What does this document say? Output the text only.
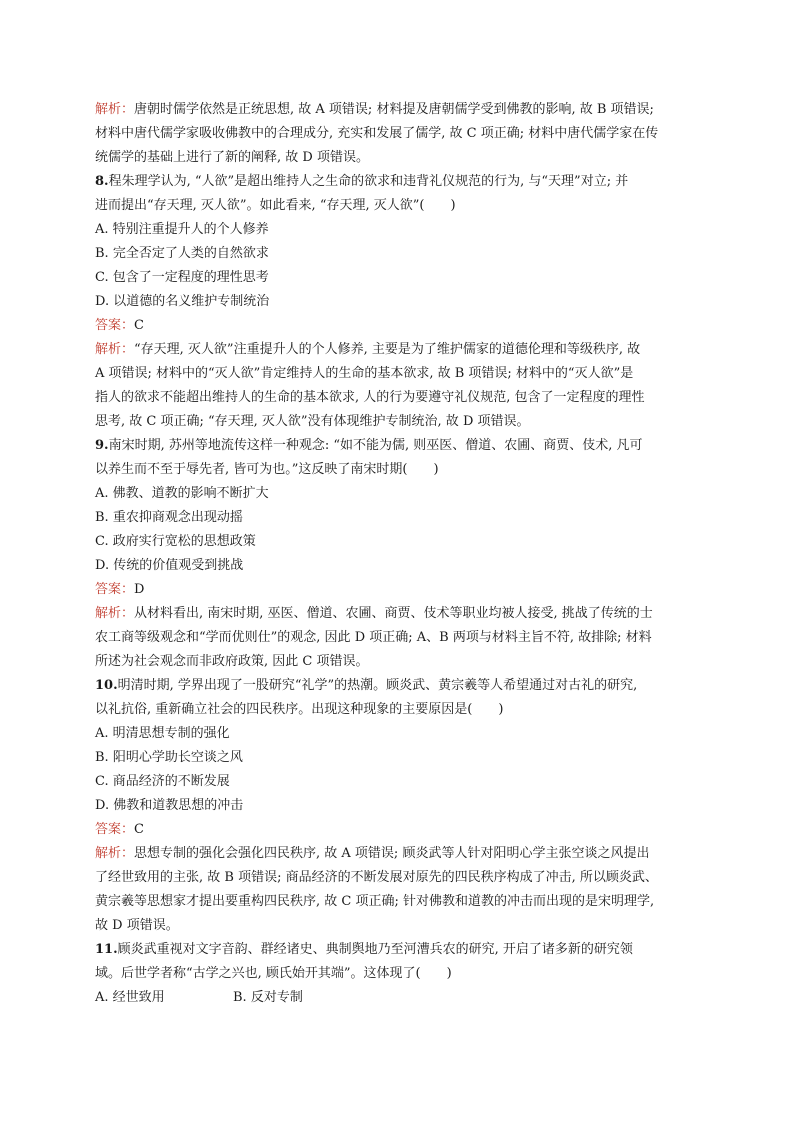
解析：唐朝时儒学依然是正统思想, 故 A 项错误; 材料提及唐朝儒学受到佛教的影响, 故 B 项错误;
材料中唐代儒学家吸收佛教中的合理成分, 充实和发展了儒学, 故 C 项正确; 材料中唐代儒学家在传
统儒学的基础上进行了新的阐释, 故 D 项错误。
8.程朱理学认为, “人欲”是超出维持人之生命的欲求和违背礼仪规范的行为, 与“天理”对立; 并
进而提出“存天理, 灭人欲”。如此看来, “存天理, 灭人欲”(　　)
A. 特别注重提升人的个人修养
B. 完全否定了人类的自然欲求
C. 包含了一定程度的理性思考
D. 以道德的名义维护专制统治
答案：C
解析：“存天理, 灭人欲”注重提升人的个人修养, 主要是为了维护儒家的道德伦理和等级秩序, 故
A 项错误; 材料中的“灭人欲”肯定维持人的生命的基本欲求, 故 B 项错误; 材料中的“灭人欲”是
指人的欲求不能超出维持人的生命的基本欲求, 人的行为要遵守礼仪规范, 包含了一定程度的理性
思考, 故 C 项正确; “存天理, 灭人欲”没有体现维护专制统治, 故 D 项错误。
9.南宋时期, 苏州等地流传这样一种观念: “如不能为儒, 则巫医、僧道、农圃、商贾、伎术, 凡可
以养生而不至于辱先者, 皆可为也。”这反映了南宋时期(　　)
A. 佛教、道教的影响不断扩大
B. 重农抑商观念出现动摇
C. 政府实行宽松的思想政策
D. 传统的价值观受到挑战
答案：D
解析：从材料看出, 南宋时期, 巫医、僧道、农圃、商贾、伎术等职业均被人接受, 挑战了传统的士
农工商等级观念和“学而优则仕”的观念, 因此 D 项正确; A、B 两项与材料主旨不符, 故排除; 材料
所述为社会观念而非政府政策, 因此 C 项错误。
10.明清时期, 学界出现了一股研究“礼学”的热潮。顾炎武、黄宗羲等人希望通过对古礼的研究,
以礼抗俗, 重新确立社会的四民秩序。出现这种现象的主要原因是(　　)
A. 明清思想专制的强化
B. 阳明心学助长空谈之风
C. 商品经济的不断发展
D. 佛教和道教思想的冲击
答案：C
解析：思想专制的强化会强化四民秩序, 故 A 项错误; 顾炎武等人针对阳明心学主张空谈之风提出
了经世致用的主张, 故 B 项错误; 商品经济的不断发展对原先的四民秩序构成了冲击, 所以顾炎武、
黄宗羲等思想家才提出要重构四民秩序, 故 C 项正确; 针对佛教和道教的冲击而出现的是宋明理学,
故 D 项错误。
11.顾炎武重视对文字音韵、群经诸史、典制舆地乃至河漕兵农的研究, 开启了诸多新的研究领
域。后世学者称“古学之兴也, 顾氏始开其端”。这体现了(　　)
A. 经世致用	B. 反对专制
